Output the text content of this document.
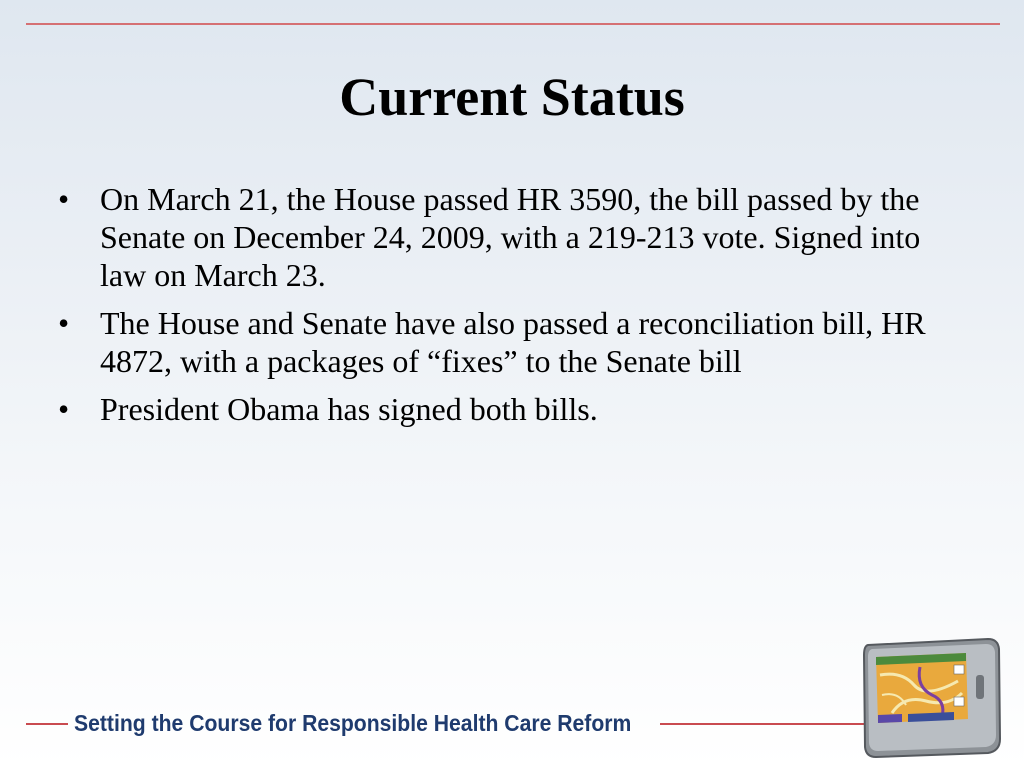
Current Status
• On March 21, the House passed HR 3590, the bill passed by the Senate on December 24, 2009, with a 219-213 vote. Signed into law on March 23.
• The House and Senate have also passed a reconciliation bill, HR 4872, with a packages of “fixes” to the Senate bill
• President Obama has signed both bills.
Setting the Course for Responsible Health Care Reform
